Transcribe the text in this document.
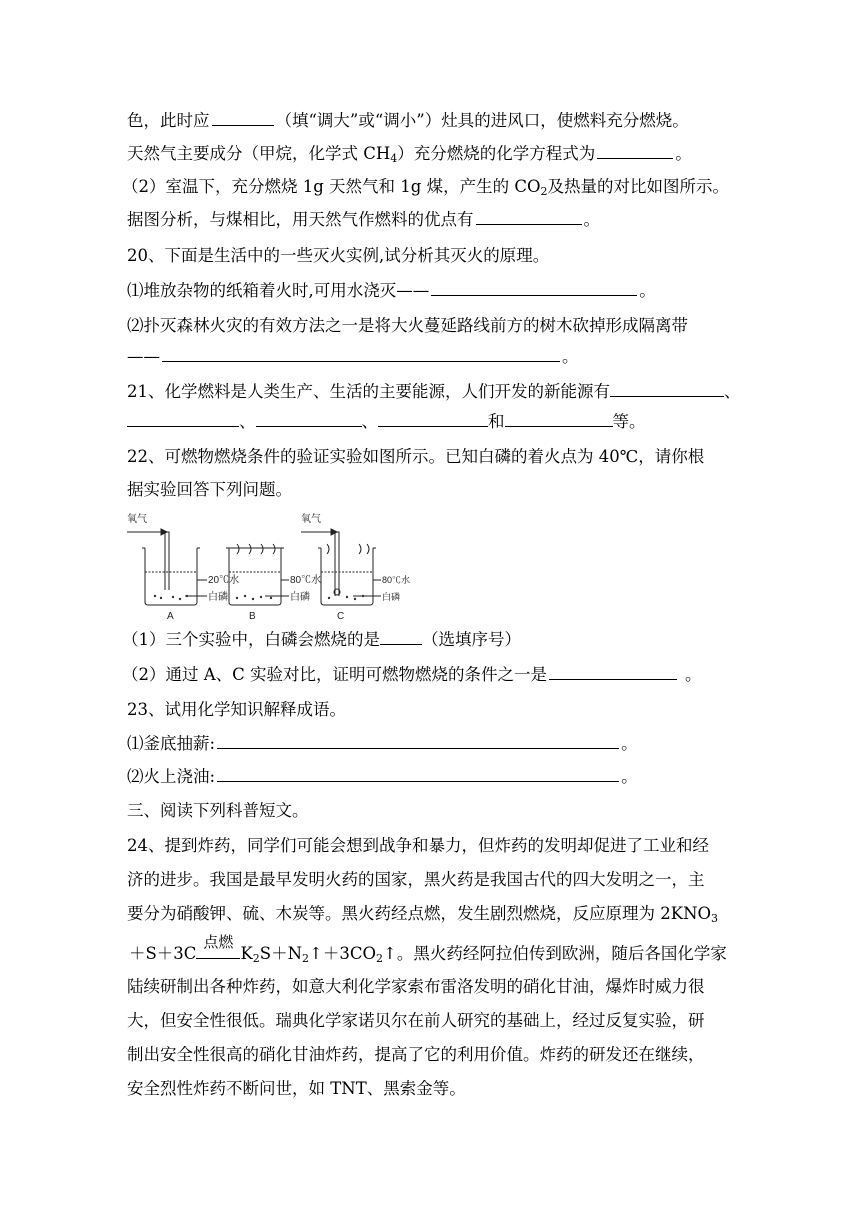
色，此时应	（填“调大”或“调小”）灶具的进风口，使燃料充分燃烧。
天然气主要成分（甲烷，化学式 $CH_4$）充分燃烧的化学方程式为	。
（2）室温下，充分燃烧 1g 天然气和 1g 煤，产生的 $CO_2$及热量的对比如图所示。
据图分析，与煤相比，用天然气作燃料的优点有	。
20、下面是生活中的一些灭火实例,试分析其灭火的原理。
⑴堆放杂物的纸箱着火时,可用水浇灭——	。
⑵扑灭森林火灾的有效方法之一是将大火蔓延路线前方的树木砍掉形成隔离带
——	。
21、化学燃料是人类生产、生活的主要能源，人们开发的新能源有	、
、	、	和	等。
22、可燃物燃烧条件的验证实验如图所示。已知白磷的着火点为 40℃，请你根
据实验回答下列问题。
氧气	氧气
20℃水
白磷
80℃水
白磷
80℃水
白磷
A	B	C
（1）三个实验中，白磷会燃烧的是	（选填序号）
（2）通过 A、C 实验对比，证明可燃物燃烧的条件之一是	。
23、试用化学知识解释成语。
⑴釜底抽薪:	。
⑵火上浇油:	。
三、阅读下列科普短文。
24、提到炸药，同学们可能会想到战争和暴力，但炸药的发明却促进了工业和经
济的进步。我国是最早发明火药的国家，黑火药是我国古代的四大发明之一，主
要分为硝酸钾、硫、木炭等。黑火药经点燃，发生剧烈燃烧，反应原理为 $2KNO_3$
＋S＋3C
点燃
$K_2S+N_2↑+3CO_2↑$。黑火药经阿拉伯传到欧洲，随后各国化学家
陆续研制出各种炸药，如意大利化学家索布雷洛发明的硝化甘油，爆炸时威力很
大，但安全性很低。瑞典化学家诺贝尔在前人研究的基础上，经过反复实验，研
制出安全性很高的硝化甘油炸药，提高了它的利用价值。炸药的研发还在继续，
安全烈性炸药不断问世，如 TNT、黑索金等。
